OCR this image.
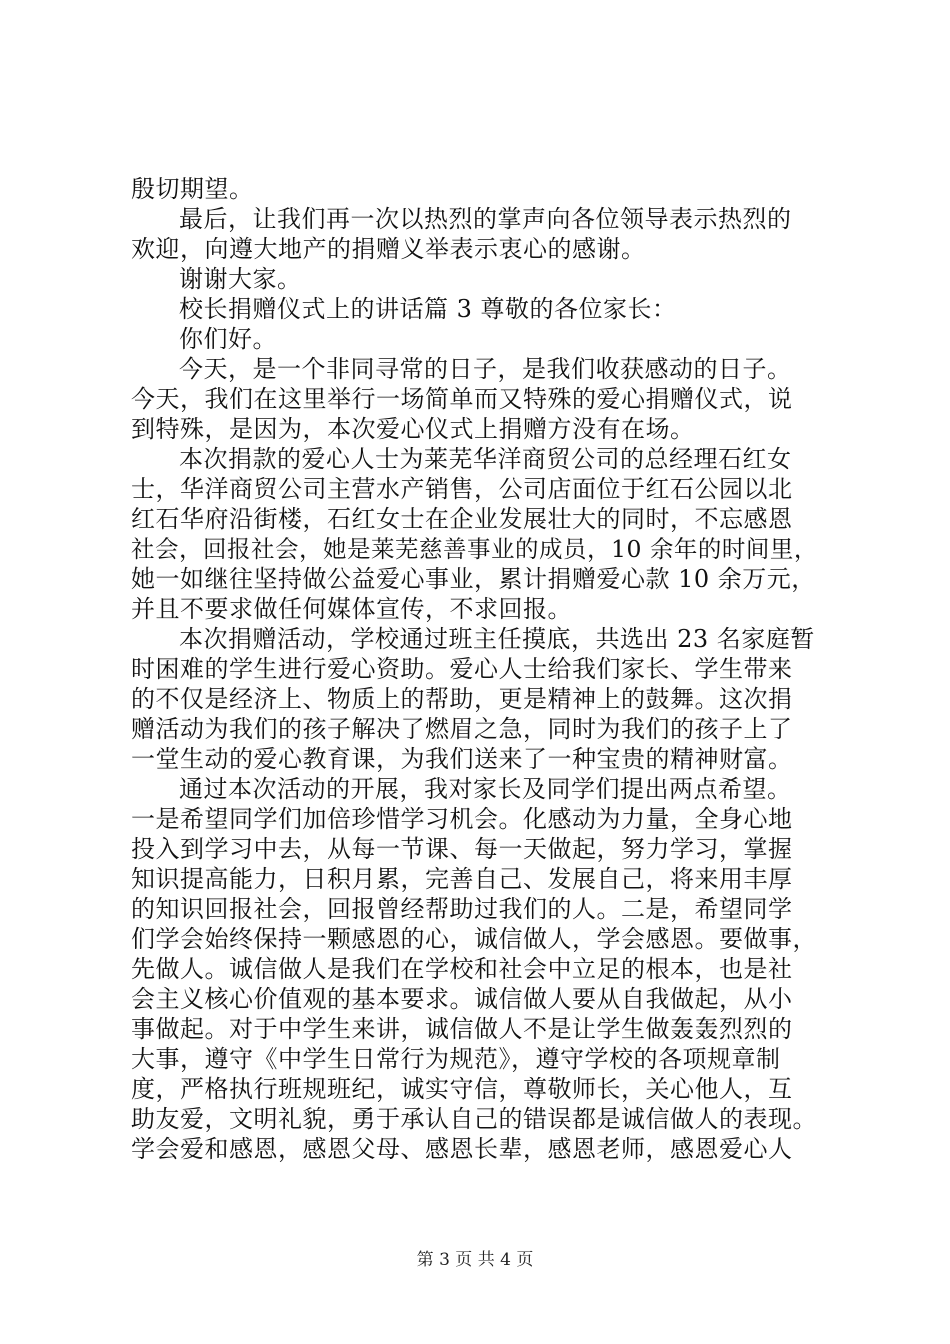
殷切期望。
最后，让我们再一次以热烈的掌声向各位领导表示热烈的
欢迎，向遵大地产的捐赠义举表示衷心的感谢。
谢谢大家。
校长捐赠仪式上的讲话篇 3 尊敬的各位家长：
你们好。
今天，是一个非同寻常的日子，是我们收获感动的日子。
今天，我们在这里举行一场简单而又特殊的爱心捐赠仪式，说
到特殊，是因为，本次爱心仪式上捐赠方没有在场。
本次捐款的爱心人士为莱芜华洋商贸公司的总经理石红女
士，华洋商贸公司主营水产销售，公司店面位于红石公园以北
红石华府沿街楼，石红女士在企业发展壮大的同时，不忘感恩
社会，回报社会，她是莱芜慈善事业的成员，10 余年的时间里，
她一如继往坚持做公益爱心事业，累计捐赠爱心款 10 余万元，
并且不要求做任何媒体宣传，不求回报。
本次捐赠活动，学校通过班主任摸底，共选出 23 名家庭暂
时困难的学生进行爱心资助。爱心人士给我们家长、学生带来
的不仅是经济上、物质上的帮助，更是精神上的鼓舞。这次捐
赠活动为我们的孩子解决了燃眉之急，同时为我们的孩子上了
一堂生动的爱心教育课，为我们送来了一种宝贵的精神财富。
通过本次活动的开展，我对家长及同学们提出两点希望。
一是希望同学们加倍珍惜学习机会。化感动为力量，全身心地
投入到学习中去，从每一节课、每一天做起，努力学习，掌握
知识提高能力，日积月累，完善自己、发展自己，将来用丰厚
的知识回报社会，回报曾经帮助过我们的人。二是，希望同学
们学会始终保持一颗感恩的心，诚信做人，学会感恩。要做事，
先做人。诚信做人是我们在学校和社会中立足的根本，也是社
会主义核心价值观的基本要求。诚信做人要从自我做起，从小
事做起。对于中学生来讲，诚信做人不是让学生做轰轰烈烈的
大事，遵守《中学生日常行为规范》，遵守学校的各项规章制
度，严格执行班规班纪，诚实守信，尊敬师长，关心他人，互
助友爱，文明礼貌，勇于承认自己的错误都是诚信做人的表现。
学会爱和感恩，感恩父母、感恩长辈，感恩老师，感恩爱心人
第 3 页 共 4 页
